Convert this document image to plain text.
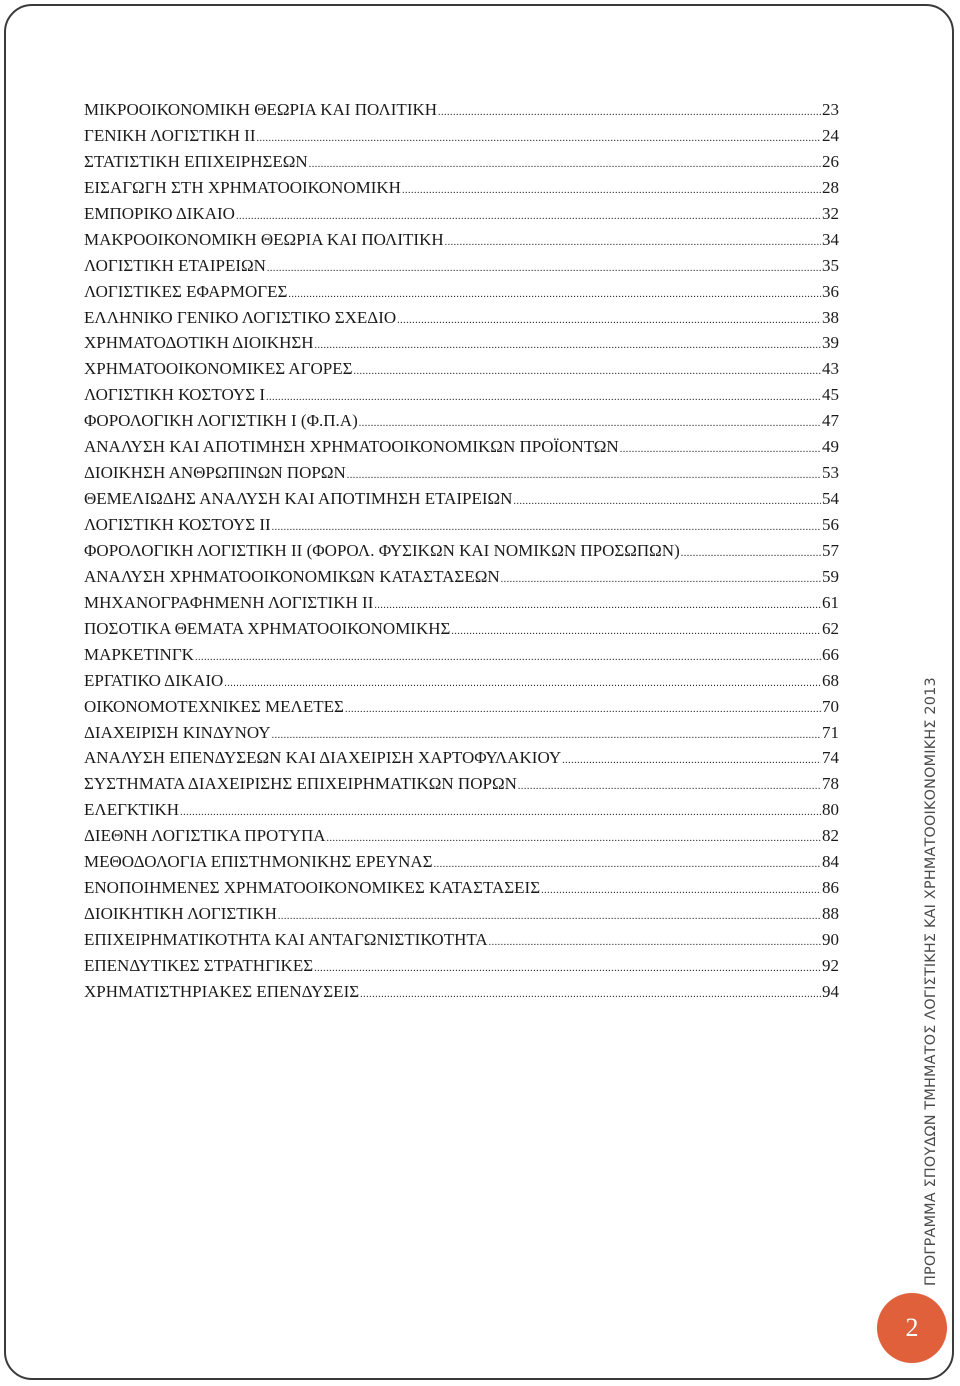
ΜΙΚΡΟΟΙΚΟΝΟΜΙΚΗ ΘΕΩΡΙΑ ΚΑΙ ΠΟΛΙΤΙΚΗ .....	23
ΓΕΝΙΚΗ ΛΟΓΙΣΤΙΚΗ ΙΙ .....	24
ΣΤΑΤΙΣΤΙΚΗ ΕΠΙΧΕΙΡΗΣΕΩΝ .....	26
ΕΙΣΑΓΩΓΗ ΣΤΗ ΧΡΗΜΑΤΟΟΙΚΟΝΟΜΙΚΗ .....	28
ΕΜΠΟΡΙΚΟ ΔΙΚΑΙΟ .....	32
ΜΑΚΡΟΟΙΚΟΝΟΜΙΚΗ ΘΕΩΡΙΑ ΚΑΙ ΠΟΛΙΤΙΚΗ .....	34
ΛΟΓΙΣΤΙΚΗ ΕΤΑΙΡΕΙΩΝ .....	35
ΛΟΓΙΣΤΙΚΕΣ ΕΦΑΡΜΟΓΕΣ .....	36
ΕΛΛΗΝΙΚΟ ΓΕΝΙΚΟ ΛΟΓΙΣΤΙΚΟ ΣΧΕΔΙΟ .....	38
ΧΡΗΜΑΤΟΔΟΤΙΚΗ ΔΙΟΙΚΗΣΗ .....	39
ΧΡΗΜΑΤΟΟΙΚΟΝΟΜΙΚΕΣ ΑΓΟΡΕΣ .....	43
ΛΟΓΙΣΤΙΚΗ ΚΟΣΤΟΥΣ Ι .....	45
ΦΟΡΟΛΟΓΙΚΗ ΛΟΓΙΣΤΙΚΗ Ι (Φ.Π.Α) .....	47
ΑΝΑΛΥΣΗ ΚΑΙ ΑΠΟΤΙΜΗΣΗ ΧΡΗΜΑΤΟΟΙΚΟΝΟΜΙΚΩΝ ΠΡΟΪΟΝΤΩΝ .....	49
ΔΙΟΙΚΗΣΗ ΑΝΘΡΩΠΙΝΩΝ ΠΟΡΩΝ .....	53
ΘΕΜΕΛΙΩΔΗΣ ΑΝΑΛΥΣΗ ΚΑΙ ΑΠΟΤΙΜΗΣΗ ΕΤΑΙΡΕΙΩΝ .....	54
ΛΟΓΙΣΤΙΚΗ ΚΟΣΤΟΥΣ ΙΙ .....	56
ΦΟΡΟΛΟΓΙΚΗ ΛΟΓΙΣΤΙΚΗ ΙΙ (ΦΟΡΟΛ. ΦΥΣΙΚΩΝ ΚΑΙ ΝΟΜΙΚΩΝ ΠΡΟΣΩΠΩΝ) .....	57
ΑΝΑΛΥΣΗ ΧΡΗΜΑΤΟΟΙΚΟΝΟΜΙΚΩΝ ΚΑΤΑΣΤΑΣΕΩΝ .....	59
ΜΗΧΑΝΟΓΡΑΦΗΜΕΝΗ ΛΟΓΙΣΤΙΚΗ ΙΙ .....	61
ΠΟΣΟΤΙΚΑ ΘΕΜΑΤΑ ΧΡΗΜΑΤΟΟΙΚΟΝΟΜΙΚΗΣ .....	62
ΜΑΡΚΕΤΙΝΓΚ .....	66
ΕΡΓΑΤΙΚΟ ΔΙΚΑΙΟ .....	68
ΟΙΚΟΝΟΜΟΤΕΧΝΙΚΕΣ ΜΕΛΕΤΕΣ .....	70
ΔΙΑΧΕΙΡΙΣΗ ΚΙΝΔΥΝΟΥ .....	71
ΑΝΑΛΥΣΗ ΕΠΕΝΔΥΣΕΩΝ ΚΑΙ ΔΙΑΧΕΙΡΙΣΗ ΧΑΡΤΟΦΥΛΑΚΙΟΥ .....	74
ΣΥΣΤΗΜΑΤΑ ΔΙΑΧΕΙΡΙΣΗΣ ΕΠΙΧΕΙΡΗΜΑΤΙΚΩΝ ΠΟΡΩΝ .....	78
ΕΛΕΓΚΤΙΚΗ .....	80
ΔΙΕΘΝΗ ΛΟΓΙΣΤΙΚΑ ΠΡΟΤΥΠΑ .....	82
ΜΕΘΟΔΟΛΟΓΙΑ ΕΠΙΣΤΗΜΟΝΙΚΗΣ ΕΡΕΥΝΑΣ .....	84
ΕΝΟΠΟΙΗΜΕΝΕΣ ΧΡΗΜΑΤΟΟΙΚΟΝΟΜΙΚΕΣ ΚΑΤΑΣΤΑΣΕΙΣ .....	86
ΔΙΟΙΚΗΤΙΚΗ ΛΟΓΙΣΤΙΚΗ .....	88
ΕΠΙΧΕΙΡΗΜΑΤΙΚΟΤΗΤΑ ΚΑΙ ΑΝΤΑΓΩΝΙΣΤΙΚΟΤΗΤΑ .....	90
ΕΠΕΝΔΥΤΙΚΕΣ ΣΤΡΑΤΗΓΙΚΕΣ .....	92
ΧΡΗΜΑΤΙΣΤΗΡΙΑΚΕΣ ΕΠΕΝΔΥΣΕΙΣ .....	94	ΠΡΟΓΡΑΜΜΑ ΣΠΟΥΔΩΝ ΤΜΗΜΑΤΟΣ ΛΟΓΙΣΤΙΚΗΣ ΚΑΙ ΧΡΗΜΑΤΟΟΙΚΟΝΟΜΙΚΗΣ 2013
2
